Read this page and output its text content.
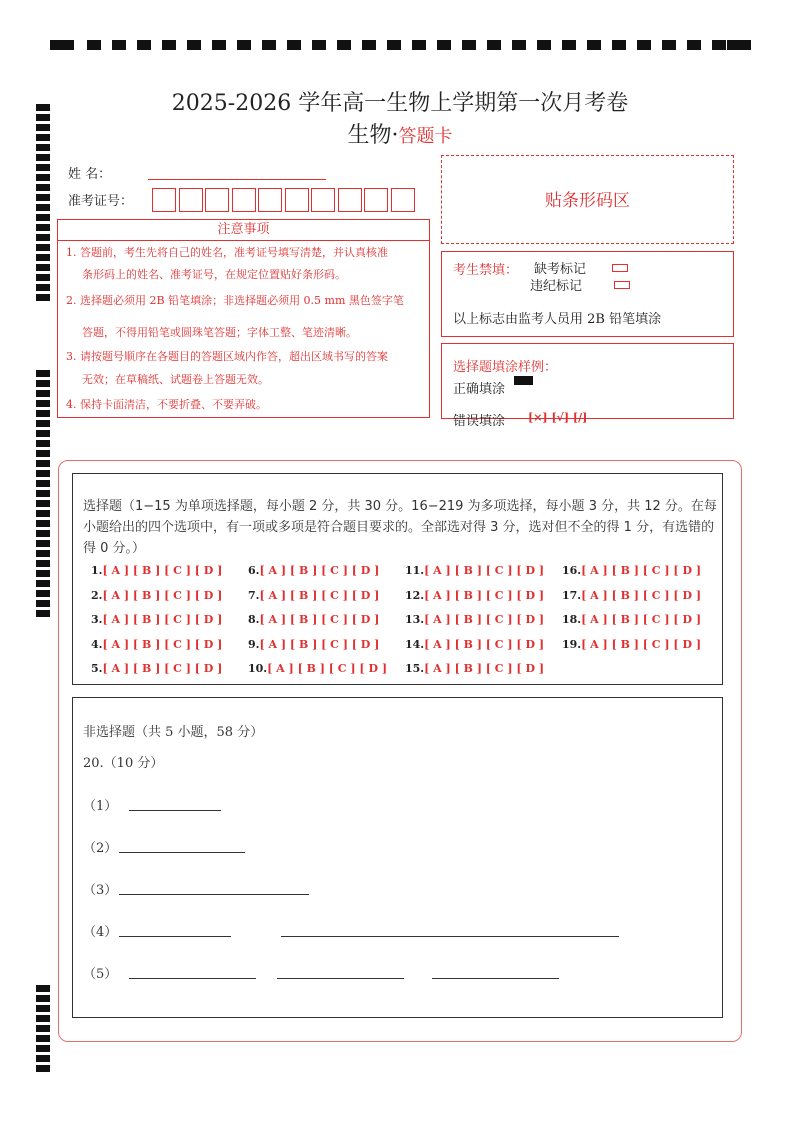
2025-2026 学年高一生物上学期第一次月考卷
生物·答题卡
姓 名：
准考证号：	贴条形码区
注意事项

1. 答题前，考生先将自己的姓名，准考证号填写清楚，并认真核准

条形码上的姓名、准考证号，在规定位置贴好条形码。

2. 选择题必须用 2B 铅笔填涂；非选择题必须用 0.5 mm 黑色签字笔

答题，不得用铅笔或圆珠笔答题；字体工整、笔迹清晰。

3. 请按题号顺序在各题目的答题区域内作答，超出区域书写的答案

无效；在草稿纸、试题卷上答题无效。

4. 保持卡面清洁，不要折叠、不要弄破。

考生禁填： 缺考标记
违纪标记
以上标志由监考人员用 2B 铅笔填涂
选择题填涂样例：
正确填涂
错误填涂 [×] [√] [/]
选择题（1−15 为单项选择题，每小题 2 分，共 30 分。16−219 为多项选择，每小题 3 分，共 12 分。在每小题给出的四个选项中，有一项或多项是符合题目要求的。全部选对得 3 分，选对但不全的得 1 分，有选错的得 0 分。）
1.[ A ] [ B ] [ C ] [ D ]
2.[ A ] [ B ] [ C ] [ D ]
3.[ A ] [ B ] [ C ] [ D ]
4.[ A ] [ B ] [ C ] [ D ]
5.[ A ] [ B ] [ C ] [ D ]
6.[ A ] [ B ] [ C ] [ D ]
7.[ A ] [ B ] [ C ] [ D ]
8.[ A ] [ B ] [ C ] [ D ]
9.[ A ] [ B ] [ C ] [ D ]
10.[ A ] [ B ] [ C ] [ D ]
11.[ A ] [ B ] [ C ] [ D ]
12.[ A ] [ B ] [ C ] [ D ]
13.[ A ] [ B ] [ C ] [ D ]
14.[ A ] [ B ] [ C ] [ D ]
15.[ A ] [ B ] [ C ] [ D ]
16.[ A ] [ B ] [ C ] [ D ]
17.[ A ] [ B ] [ C ] [ D ]
18.[ A ] [ B ] [ C ] [ D ]
19.[ A ] [ B ] [ C ] [ D ]
非选择题（共 5 小题，58 分）
20.（10 分）
（1）
（2）
（3）
（4）
（5）
